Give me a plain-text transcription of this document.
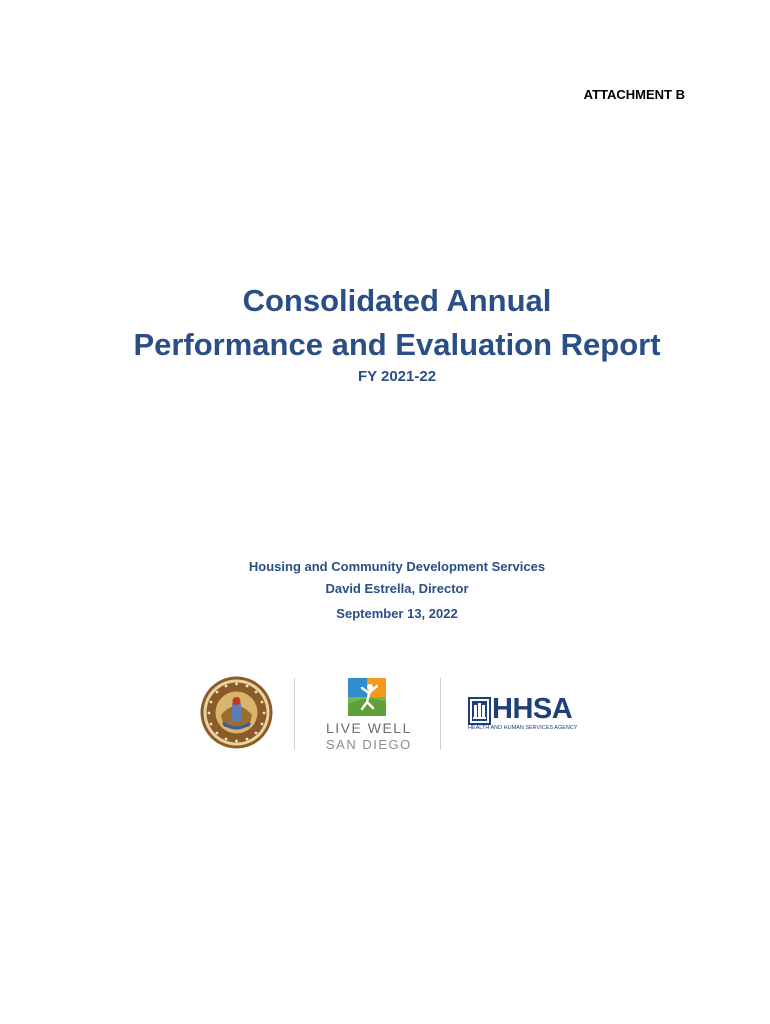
ATTACHMENT B
Consolidated Annual
Performance and Evaluation Report
FY 2021-22
Housing and Community Development Services
David Estrella, Director
September 13, 2022
LIVE WELL
SAN DIEGO
HHSA
HEALTH AND HUMAN SERVICES AGENCY
